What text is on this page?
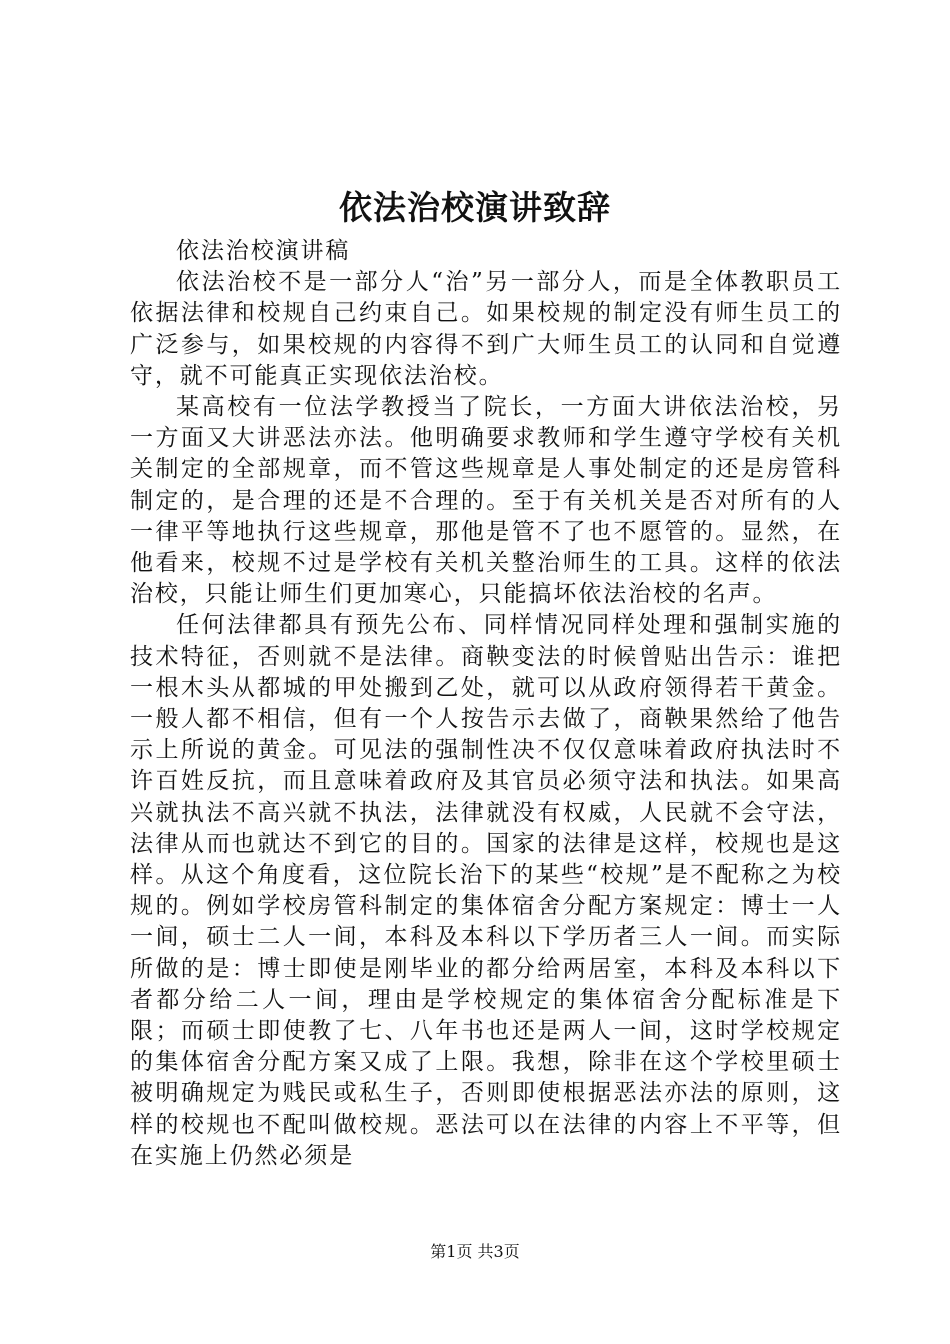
依法治校演讲致辞

依法治校演讲稿

依法治校不是一部分人“治”另一部分人，而是全体教职员工依据法律和校规自己约束自己。如果校规的制定没有师生员工的广泛参与，如果校规的内容得不到广大师生员工的认同和自觉遵守，就不可能真正实现依法治校。

某高校有一位法学教授当了院长，一方面大讲依法治校，另一方面又大讲恶法亦法。他明确要求教师和学生遵守学校有关机关制定的全部规章，而不管这些规章是人事处制定的还是房管科制定的，是合理的还是不合理的。至于有关机关是否对所有的人一律平等地执行这些规章，那他是管不了也不愿管的。显然，在他看来，校规不过是学校有关机关整治师生的工具。这样的依法治校，只能让师生们更加寒心，只能搞坏依法治校的名声。

任何法律都具有预先公布、同样情况同样处理和强制实施的技术特征，否则就不是法律。商鞅变法的时候曾贴出告示：谁把一根木头从都城的甲处搬到乙处，就可以从政府领得若干黄金。一般人都不相信，但有一个人按告示去做了，商鞅果然给了他告示上所说的黄金。可见法的强制性决不仅仅意味着政府执法时不许百姓反抗，而且意味着政府及其官员必须守法和执法。如果高兴就执法不高兴就不执法，法律就没有权威，人民就不会守法，法律从而也就达不到它的目的。国家的法律是这样，校规也是这样。从这个角度看，这位院长治下的某些“校规”是不配称之为校规的。例如学校房管科制定的集体宿舍分配方案规定：博士一人一间，硕士二人一间，本科及本科以下学历者三人一间。而实际所做的是：博士即使是刚毕业的都分给两居室，本科及本科以下者都分给二人一间，理由是学校规定的集体宿舍分配标准是下限；而硕士即使教了七、八年书也还是两人一间，这时学校规定的集体宿舍分配方案又成了上限。我想，除非在这个学校里硕士被明确规定为贱民或私生子，否则即使根据恶法亦法的原则，这样的校规也不配叫做校规。恶法可以在法律的内容上不平等，但在实施上仍然必须是

第1页 共3页
